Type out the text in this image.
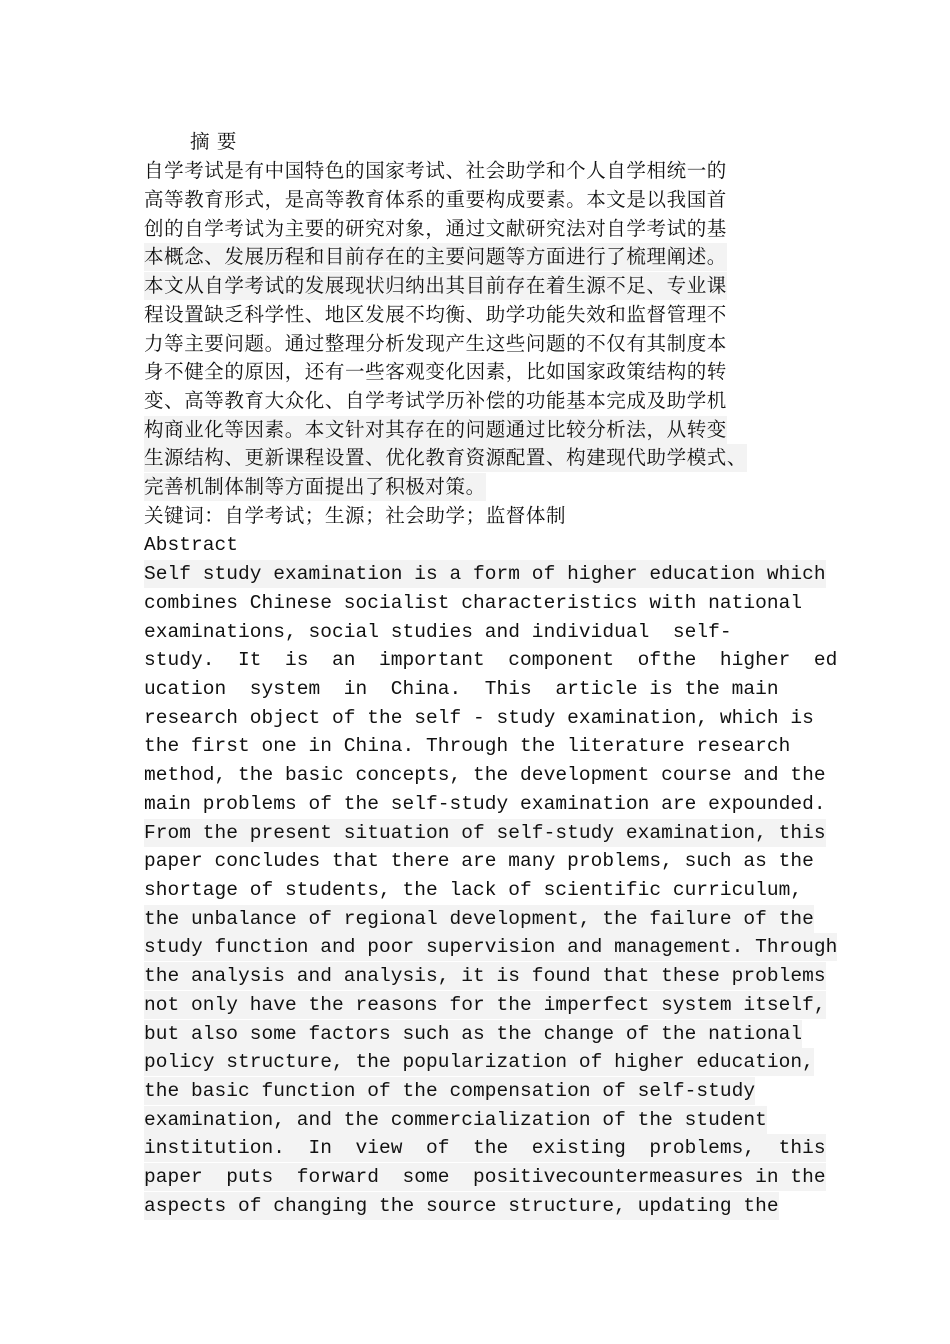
摘 要
自学考试是有中国特色的国家考试、社会助学和个人自学相统一的
高等教育形式，是高等教育体系的重要构成要素。本文是以我国首
创的自学考试为主要的研究对象，通过文献研究法对自学考试的基
本概念、发展历程和目前存在的主要问题等方面进行了梳理阐述。
本文从自学考试的发展现状归纳出其目前存在着生源不足、专业课
程设置缺乏科学性、地区发展不均衡、助学功能失效和监督管理不
力等主要问题。通过整理分析发现产生这些问题的不仅有其制度本
身不健全的原因，还有一些客观变化因素，比如国家政策结构的转
变、高等教育大众化、自学考试学历补偿的功能基本完成及助学机
构商业化等因素。本文针对其存在的问题通过比较分析法，从转变
生源结构、更新课程设置、优化教育资源配置、构建现代助学模式、
完善机制体制等方面提出了积极对策。
关键词：自学考试；生源；社会助学；监督体制
Abstract
Self study examination is a form of higher education which
combines Chinese socialist characteristics with national
examinations, social studies and individual  self-
study.  It  is  an  important  component  ofthe  higher  ed
ucation  system  in  China.  This  article is the main
research object of the self - study examination, which is
the first one in China. Through the literature research
method, the basic concepts, the development course and the
main problems of the self-study examination are expounded.
From the present situation of self-study examination, this
paper concludes that there are many problems, such as the
shortage of students, the lack of scientific curriculum,
the unbalance of regional development, the failure of the
study function and poor supervision and management. Through
the analysis and analysis, it is found that these problems
not only have the reasons for the imperfect system itself,
but also some factors such as the change of the national
policy structure, the popularization of higher education,
the basic function of the compensation of self-study
examination, and the commercialization of the student
institution.  In  view  of  the  existing  problems,  this
paper  puts  forward  some  positivecountermeasures in the
aspects of changing the source structure, updating the
